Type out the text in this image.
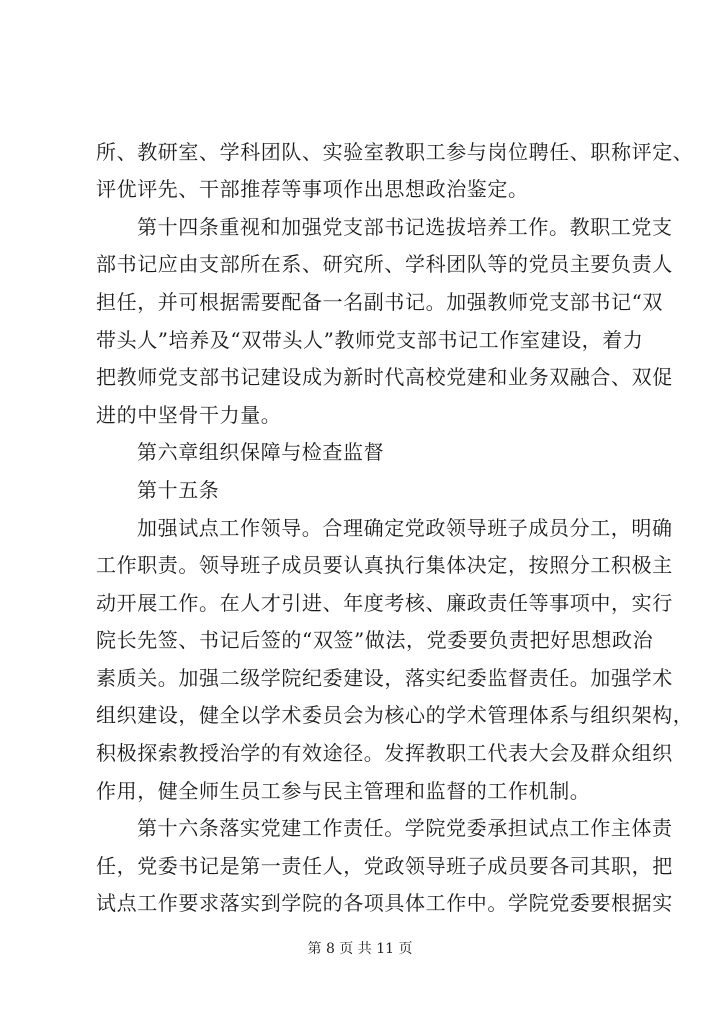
所、教研室、学科团队、实验室教职工参与岗位聘任、职称评定、
评优评先、干部推荐等事项作出思想政治鉴定。
第十四条重视和加强党支部书记选拔培养工作。教职工党支
部书记应由支部所在系、研究所、学科团队等的党员主要负责人
担任，并可根据需要配备一名副书记。加强教师党支部书记“双
带头人”培养及“双带头人”教师党支部书记工作室建设，着力
把教师党支部书记建设成为新时代高校党建和业务双融合、双促
进的中坚骨干力量。
第六章组织保障与检查监督
第十五条
加强试点工作领导。合理确定党政领导班子成员分工，明确
工作职责。领导班子成员要认真执行集体决定，按照分工积极主
动开展工作。在人才引进、年度考核、廉政责任等事项中，实行
院长先签、书记后签的“双签”做法，党委要负责把好思想政治
素质关。加强二级学院纪委建设，落实纪委监督责任。加强学术
组织建设，健全以学术委员会为核心的学术管理体系与组织架构，
积极探索教授治学的有效途径。发挥教职工代表大会及群众组织
作用，健全师生员工参与民主管理和监督的工作机制。
第十六条落实党建工作责任。学院党委承担试点工作主体责
任，党委书记是第一责任人，党政领导班子成员要各司其职，把
试点工作要求落实到学院的各项具体工作中。学院党委要根据实
第 8 页 共 11 页
